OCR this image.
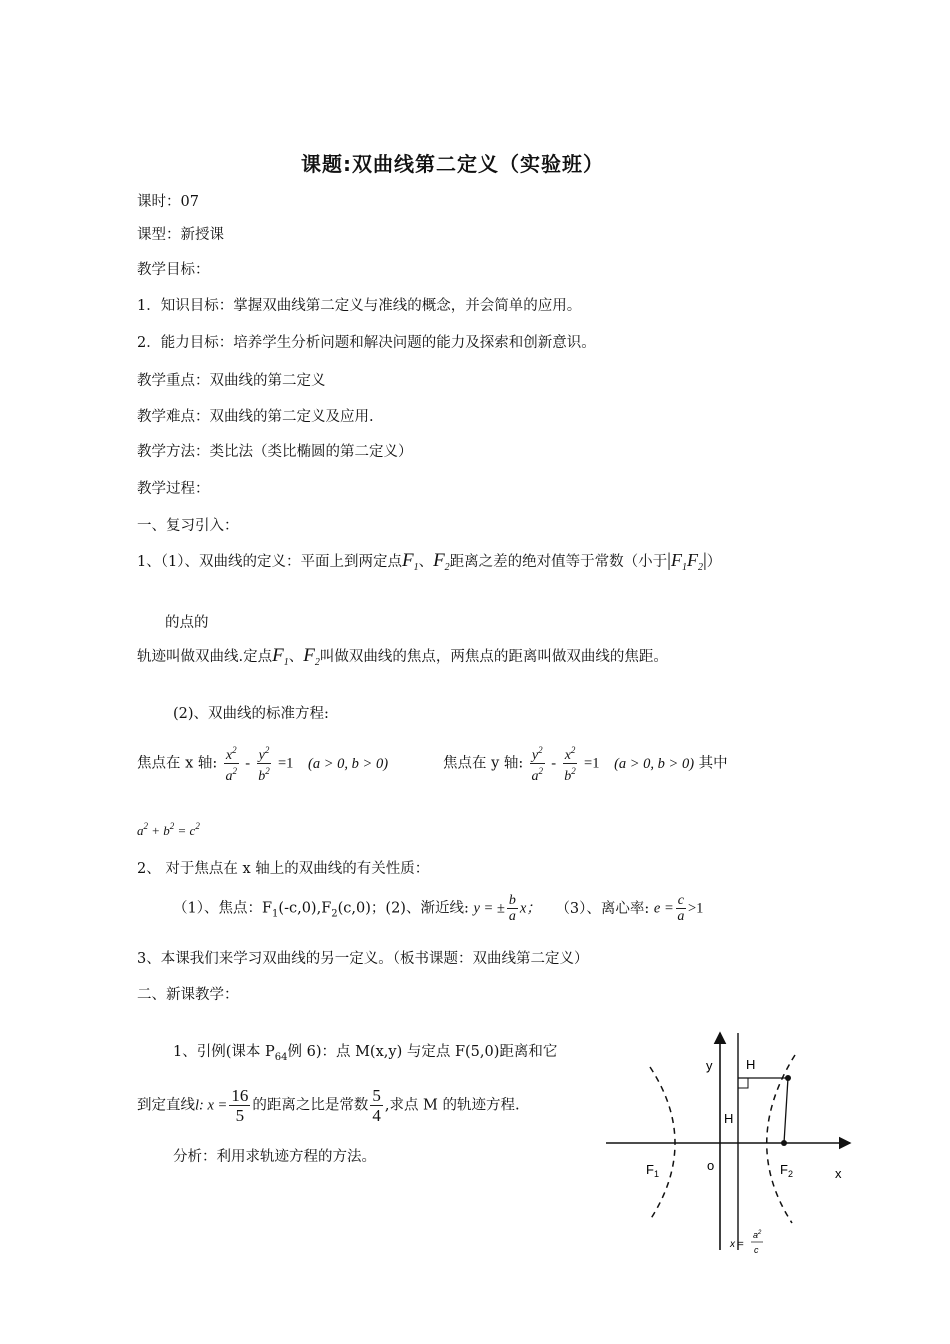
课题:双曲线第二定义（实验班）
课时：07
课型：新授课
教学目标：
1．知识目标：掌握双曲线第二定义与准线的概念，并会简单的应用。
2．能力目标：培养学生分析问题和解决问题的能力及探索和创新意识。
教学重点：双曲线的第二定义
教学难点：双曲线的第二定义及应用.
教学方法：类比法（类比椭圆的第二定义）
教学过程：
一、复习引入：
1、（1）、双曲线的定义：平面上到两定点$F_1$、$F_2$距离之差的绝对值等于常数（小于$|F_1F_2|$）
的点的
轨迹叫做双曲线.定点$F_1$、$F_2$叫做双曲线的焦点，两焦点的距离叫做双曲线的焦距。
(2)、双曲线的标准方程:
焦点在 x 轴: $\frac{x^2}{a^2} - \frac{y^2}{b^2} =1$ (a > 0, b > 0)	焦点在 y 轴: $\frac{y^2}{a^2} - \frac{x^2}{b^2} =1$ (a > 0, b > 0) 其中
$a^2 + b^2 = c^2$
2、 对于焦点在 x 轴上的双曲线的有关性质：
（1）、焦点：$F_1(-c,0),F_2(c,0)$；(2)、渐近线: y = ± $\frac{b}{a}$ x； （3）、离心率: $e = \frac{c}{a} >1$
3、本课我们来学习双曲线的另一定义。（板书课题：双曲线第二定义）
二、新课教学：
1、引例(课本 $P_{64}$例 6)：点 M(x,y) 与定点 F(5,0)距离和它
到定直线l: $x = \frac{16}{5}$ 的距离之比是常数 $\frac{5}{4}$ ,求点 M 的轨迹方程.
分析：利用求轨迹方程的方法。
y	H
H
o
$F_1$	$F_2$	x
x =
$a^2$
c
